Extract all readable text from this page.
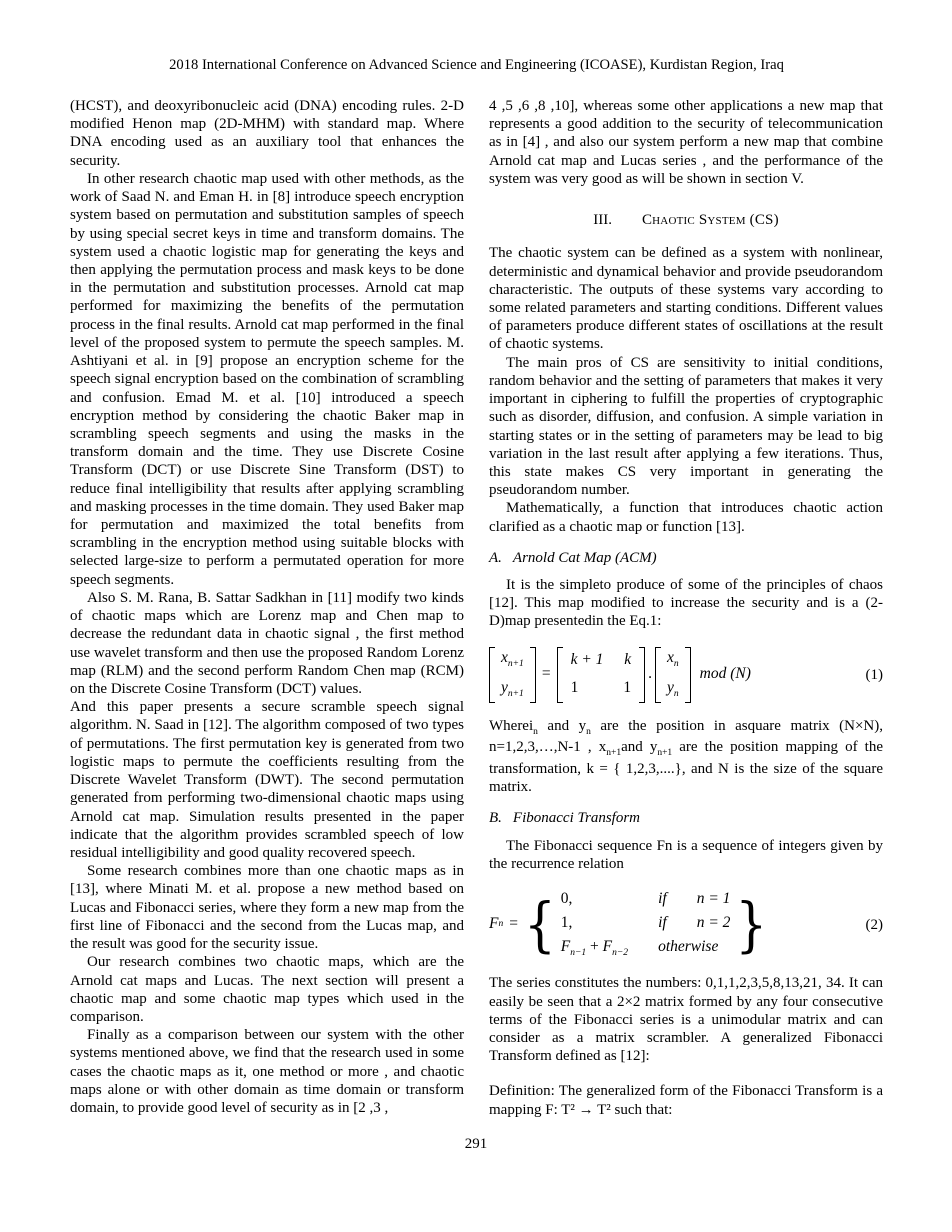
2018 International Conference on Advanced Science and Engineering (ICOASE), Kurdistan Region, Iraq

(HCST), and deoxyribonucleic acid (DNA) encoding rules. 2-D modified Henon map (2D-MHM) with standard map. Where DNA encoding used as an auxiliary tool that enhances the security.

In other research chaotic map used with other methods, as the work of Saad N. and Eman H. in [8] introduce speech encryption system based on permutation and substitution samples of speech by using special secret keys in time and transform domains. The system used a chaotic logistic map for generating the keys and then applying the permutation process and mask keys to be done in the permutation and substitution processes. Arnold cat map performed for maximizing the benefits of the permutation process in the final results. Arnold cat map performed in the final level of the proposed system to permute the speech samples. M. Ashtiyani et al. in [9] propose an encryption scheme for the speech signal encryption based on the combination of scrambling and confusion. Emad M. et al. [10] introduced a speech encryption method by considering the chaotic Baker map in scrambling speech segments and using the masks in the transform domain and the time. They use Discrete Cosine Transform (DCT) or use Discrete Sine Transform (DST) to reduce final intelligibility that results after applying scrambling and masking processes in the time domain. They used Baker map for permutation and maximized the total benefits from scrambling in the encryption method using suitable blocks with selected large-size to perform a permutated operation for more speech segments.

Also S. M. Rana, B. Sattar Sadkhan in [11] modify two kinds of chaotic maps which are Lorenz map and Chen map to decrease the redundant data in chaotic signal , the first method use wavelet transform and then use the proposed Random Lorenz map (RLM) and the second perform Random Chen map (RCM) on the Discrete Cosine Transform (DCT) values.

And this paper presents a secure scramble speech signal algorithm. N. Saad in [12]. The algorithm composed of two types of permutations. The first permutation key is generated from two logistic maps to permute the coefficients resulting from the Discrete Wavelet Transform (DWT). The second permutation generated from performing two-dimensional chaotic maps using Arnold cat map. Simulation results presented in the paper indicate that the algorithm provides scrambled speech of low residual intelligibility and good quality recovered speech.

Some research combines more than one chaotic maps as in [13], where Minati M. et al. propose a new method based on Lucas and Fibonacci series, where they form a new map from the first line of Fibonacci and the second from the Lucas map, and the result was good for the security issue.

Our research combines two chaotic maps, which are the Arnold cat maps and Lucas. The next section will present a chaotic map and some chaotic map types which used in the comparison.

Finally as a comparison between our system with the other systems mentioned above, we find that the research used in some cases the chaotic maps as it, one method or more , and chaotic maps alone or with other domain as time domain or transform domain, to provide good level of security as in [2 ,3 ,

4 ,5 ,6 ,8 ,10], whereas some other applications a new map that represents a good addition to the security of telecommunication as in [4] , and also our system perform a new map that combine Arnold cat map and Lucas series , and the performance of the system was very good as will be shown in section V.

III. Chaotic System (CS)

The chaotic system can be defined as a system with nonlinear, deterministic and dynamical behavior and provide pseudorandom characteristic. The outputs of these systems vary according to some related parameters and starting conditions. Different values of parameters produce different states of oscillations at the result of chaotic systems.

The main pros of CS are sensitivity to initial conditions, random behavior and the setting of parameters that makes it very important in ciphering to fulfill the properties of cryptographic such as disorder, diffusion, and confusion. A simple variation in starting states or in the setting of parameters may be lead to big variation in the last result after applying a few iterations. Thus, this state makes CS very important in generating the pseudorandom number.

Mathematically, a function that introduces chaotic action clarified as a chaotic map or function [13].

A. Arnold Cat Map (ACM)

It is the simpleto produce of some of the principles of chaos [12]. This map modified to increase the security and is a (2-D)map presentedin the Eq.1:

$x_{n+1}$
$y_{n+1}$
=
k + 1 k
1	1
.
$x_n$
$y_n$
mod (N)	(1)

Wherei$_n$ and $y_n$ are the position in asquare matrix (N×N), n=1,2,3,…,N-1 , $x_{n+1}and$ $y_{n+1}$ are the position mapping of the transformation, k = { 1,2,3,....}, and N is the size of the square matrix.

B. Fibonacci Transform

The Fibonacci sequence Fn is a sequence of integers given by the recurrence relation

F n = { 0,	if n = 1
1,	if n = 2
$F_{n-1} + F_{n-2}$ otherwise }	(2)

The series constitutes the numbers: 0,1,1,2,3,5,8,13,21, 34. It can easily be seen that a 2×2 matrix formed by any four consecutive terms of the Fibonacci series is a unimodular matrix and can consider as a matrix scrambler. A generalized Fibonacci Transform defined as [12]:

Definition: The generalized form of the Fibonacci Transform is a mapping F: T² → T² such that:

291
